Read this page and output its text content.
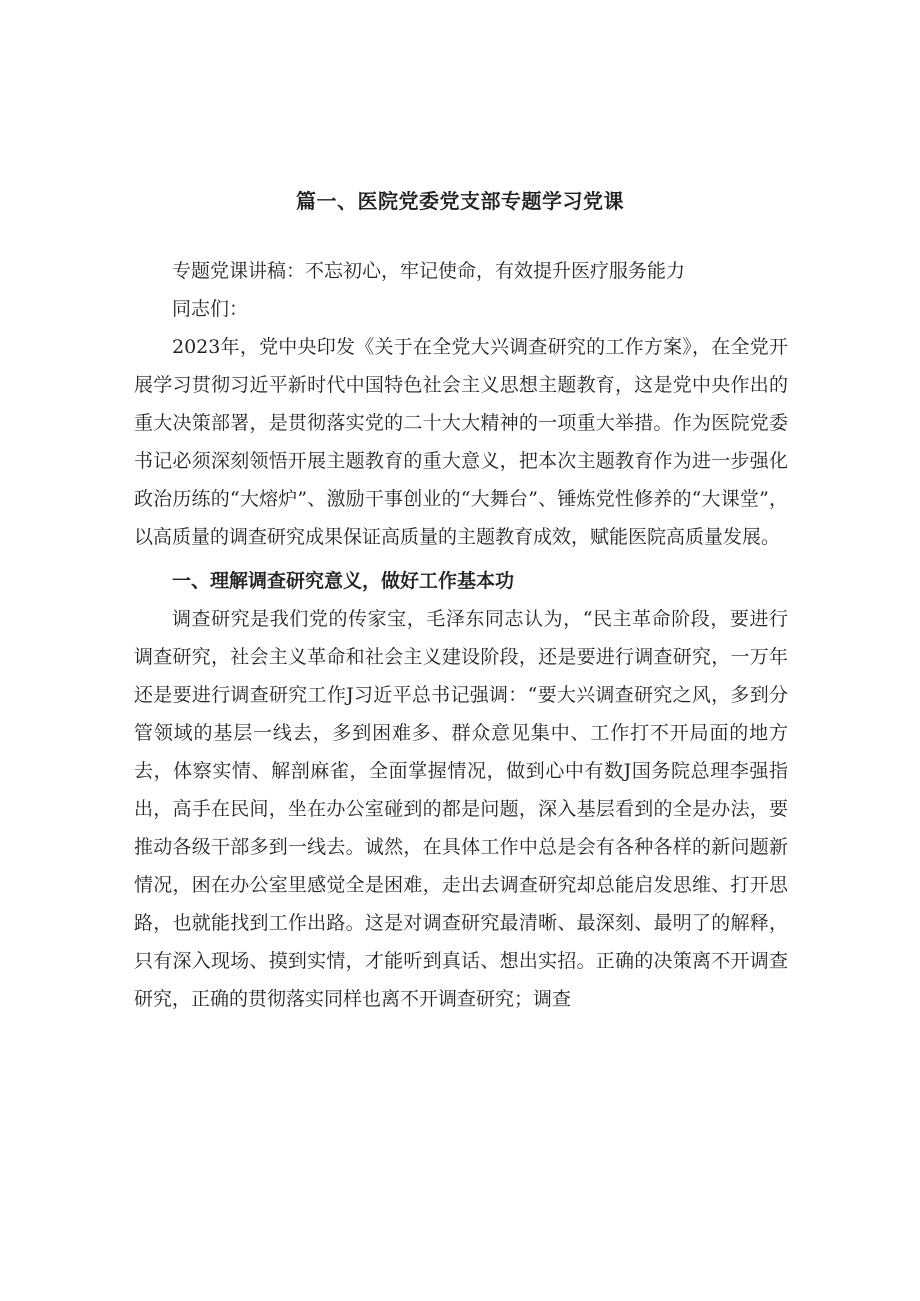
篇一、医院党委党支部专题学习党课

专题党课讲稿：不忘初心，牢记使命，有效提升医疗服务能力

同志们：

2023年，党中央印发《关于在全党大兴调查研究的工作方案》，在全党开展学习贯彻习近平新时代中国特色社会主义思想主题教育，这是党中央作出的重大决策部署，是贯彻落实党的二十大大精神的一项重大举措。作为医院党委书记必须深刻领悟开展主题教育的重大意义，把本次主题教育作为进一步强化政治历练的“大熔炉”、激励干事创业的“大舞台”、锤炼党性修养的“大课堂”，以高质量的调查研究成果保证高质量的主题教育成效，赋能医院高质量发展。

一、理解调查研究意义，做好工作基本功

调查研究是我们党的传家宝，毛泽东同志认为，“民主革命阶段，要进行调查研究，社会主义革命和社会主义建设阶段，还是要进行调查研究，一万年还是要进行调查研究工作J习近平总书记强调：“要大兴调查研究之风，多到分管领域的基层一线去，多到困难多、群众意见集中、工作打不开局面的地方去，体察实情、解剖麻雀，全面掌握情况，做到心中有数J国务院总理李强指出，高手在民间，坐在办公室碰到的都是问题，深入基层看到的全是办法，要推动各级干部多到一线去。诚然，在具体工作中总是会有各种各样的新问题新情况，困在办公室里感觉全是困难，走出去调查研究却总能启发思维、打开思路，也就能找到工作出路。这是对调查研究最清晰、最深刻、最明了的解释，只有深入现场、摸到实情，才能听到真话、想出实招。正确的决策离不开调查研究，正确的贯彻落实同样也离不开调查研究；调查
